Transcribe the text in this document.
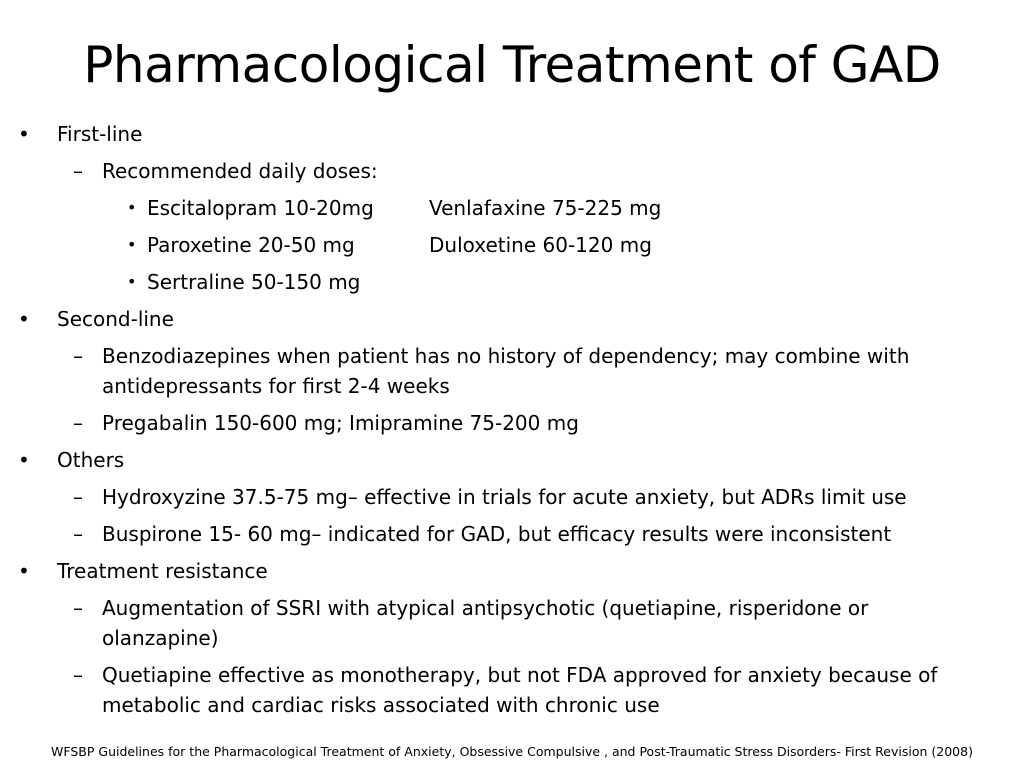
Pharmacological Treatment of GAD
• First-line
– Recommended daily doses:
• Escitalopram 10-20mg	Venlafaxine 75-225 mg
• Paroxetine 20-50 mg	Duloxetine 60-120 mg
• Sertraline 50-150 mg
• Second-line
– Benzodiazepines when patient has no history of dependency; may combine with
antidepressants for first 2-4 weeks
– Pregabalin 150-600 mg; Imipramine 75-200 mg
• Others
– Hydroxyzine 37.5-75 mg– effective in trials for acute anxiety, but ADRs limit use
– Buspirone 15- 60 mg– indicated for GAD, but efficacy results were inconsistent
• Treatment resistance
– Augmentation of SSRI with atypical antipsychotic (quetiapine, risperidone or
olanzapine)
– Quetiapine effective as monotherapy, but not FDA approved for anxiety because of
metabolic and cardiac risks associated with chronic use
WFSBP Guidelines for the Pharmacological Treatment of Anxiety, Obsessive Compulsive , and Post-Traumatic Stress Disorders- First Revision (2008)
